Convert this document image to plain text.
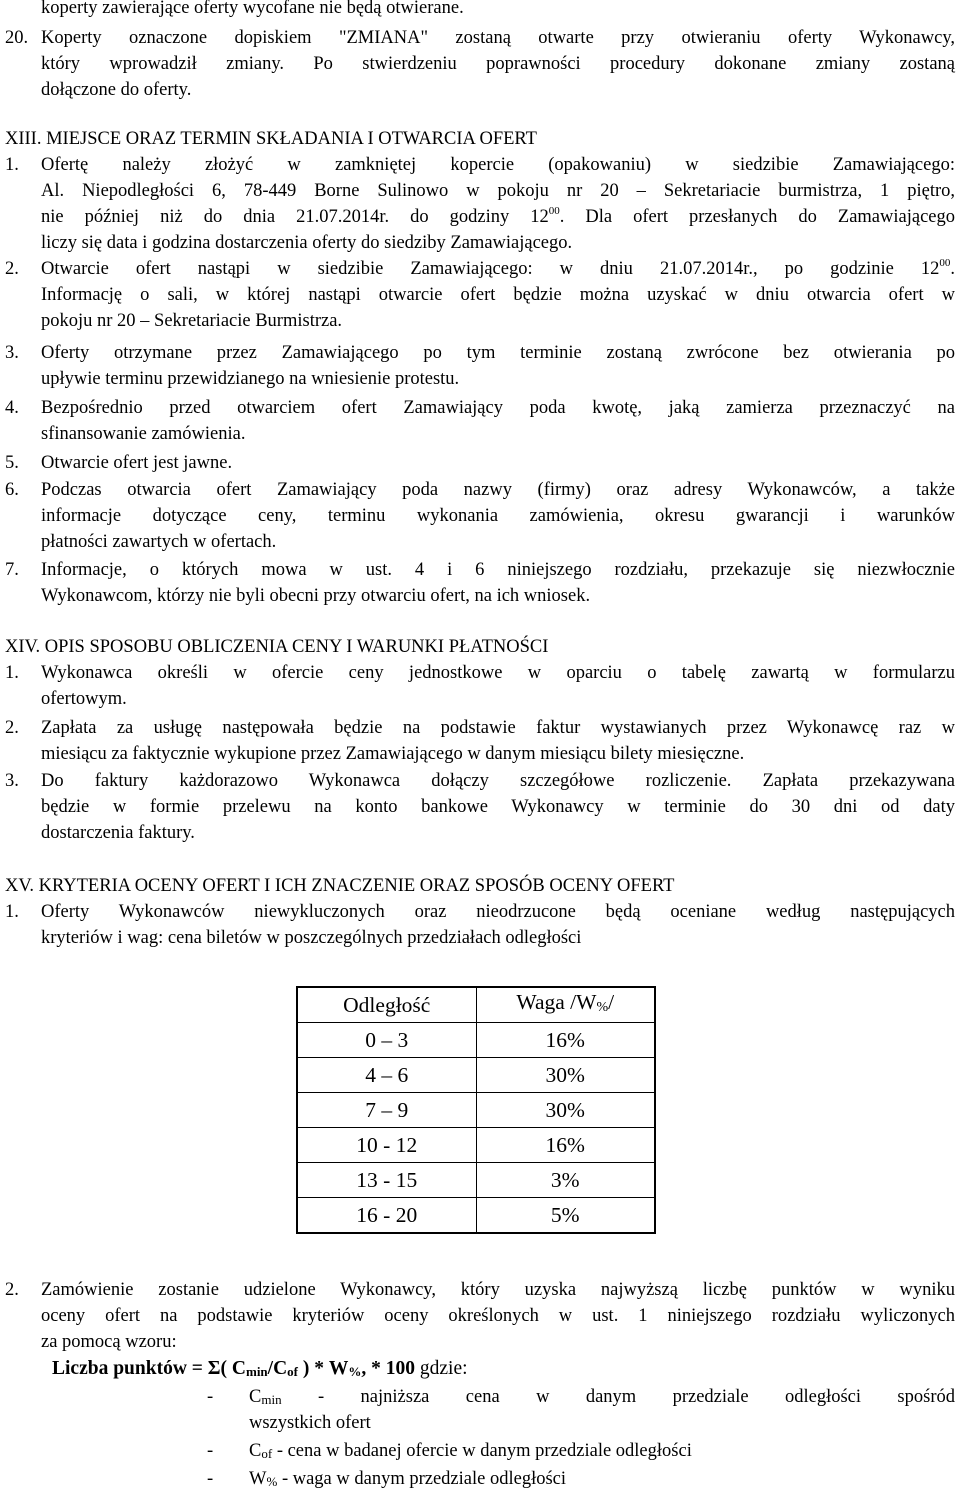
koperty zawierające oferty wycofane nie będą otwierane.
20. Koperty oznaczone dopiskiem "ZMIANA" zostaną otwarte przy otwieraniu oferty Wykonawcy,
który wprowadził zmiany. Po stwierdzeniu poprawności procedury dokonane zmiany zostaną
dołączone do oferty.
XIII. MIEJSCE ORAZ TERMIN SKŁADANIA I OTWARCIA OFERT
1. Ofertę należy złożyć w zamkniętej kopercie (opakowaniu) w siedzibie Zamawiającego:
Al. Niepodległości 6, 78-449 Borne Sulinowo w pokoju nr 20 – Sekretariacie burmistrza, 1 piętro,
nie później niż do dnia 21.07.2014r. do godziny $12^{00}$. Dla ofert przesłanych do Zamawiającego
liczy się data i godzina dostarczenia oferty do siedziby Zamawiającego.
2. Otwarcie ofert nastąpi w siedzibie Zamawiającego: w dniu 21.07.2014r., po godzinie $12^{00}$.
Informację o sali, w której nastąpi otwarcie ofert będzie można uzyskać w dniu otwarcia ofert w
pokoju nr 20 – Sekretariacie Burmistrza.
3. Oferty otrzymane przez Zamawiającego po tym terminie zostaną zwrócone bez otwierania po
upływie terminu przewidzianego na wniesienie protestu.
4. Bezpośrednio przed otwarciem ofert Zamawiający poda kwotę, jaką zamierza przeznaczyć na
sfinansowanie zamówienia.
5. Otwarcie ofert jest jawne.
6. Podczas otwarcia ofert Zamawiający poda nazwy (firmy) oraz adresy Wykonawców, a także
informacje dotyczące ceny, terminu wykonania zamówienia, okresu gwarancji i warunków
płatności zawartych w ofertach.
7. Informacje, o których mowa w ust. 4 i 6 niniejszego rozdziału, przekazuje się niezwłocznie
Wykonawcom, którzy nie byli obecni przy otwarciu ofert, na ich wniosek.
XIV. OPIS SPOSOBU OBLICZENIA CENY I WARUNKI PŁATNOŚCI
1. Wykonawca określi w ofercie ceny jednostkowe w oparciu o tabelę zawartą w formularzu
ofertowym.
2. Zapłata za usługę następowała będzie na podstawie faktur wystawianych przez Wykonawcę raz w
miesiącu za faktycznie wykupione przez Zamawiającego w danym miesiącu bilety miesięczne.
3. Do faktury każdorazowo Wykonawca dołączy szczegółowe rozliczenie. Zapłata przekazywana
będzie w formie przelewu na konto bankowe Wykonawcy w terminie do 30 dni od daty
dostarczenia faktury.
XV. KRYTERIA OCENY OFERT I ICH ZNACZENIE ORAZ SPOSÓB OCENY OFERT
1. Oferty Wykonawców niewykluczonych oraz nieodrzucone będą oceniane według następujących
kryteriów i wag: cena biletów w poszczególnych przedziałach odległości
Odległość	Waga /W%/
0 – 3	16%
4 – 6	30%
7 – 9	30%
10 - 12	16%
13 - 15	3%
16 - 20	5%
2. Zamówienie zostanie udzielone Wykonawcy, który uzyska najwyższą liczbę punktów w wyniku
oceny ofert na podstawie kryteriów oceny określonych w ust. 1 niniejszego rozdziału wyliczonych
za pomocą wzoru:
Liczba punktów = Σ( Cmin/Cof ) * W%, * 100 gdzie:
- Cmin - najniższa cena w danym przedziale odległości spośród
wszystkich ofert
- Cof - cena w badanej ofercie w danym przedziale odległości
- W% - waga w danym przedziale odległości
